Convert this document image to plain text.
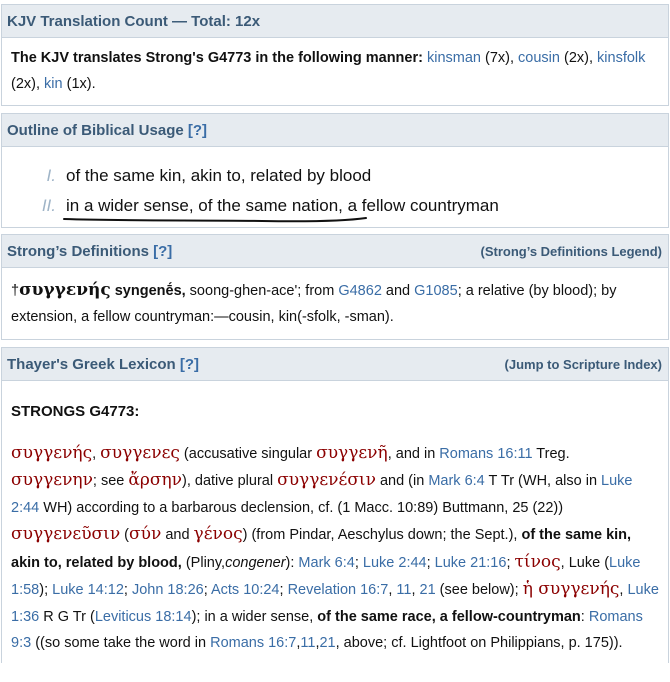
KJV Translation Count — Total: 12x
The KJV translates Strong's G4773 in the following manner: kinsman (7x), cousin (2x), kinsfolk (2x), kin (1x).
Outline of Biblical Usage [?]
I. of the same kin, akin to, related by blood
II. in a wider sense, of the same nation,
a fellow countryman
Strong’s Definitions [?]	(Strong’s Definitions Legend)
†συγγενής syngenḗs, soong-ghen-ace'; from G4862 and G1085; a relative (by blood); by extension, a fellow countryman:—cousin, kin(-sfolk, -sman).
Thayer's Greek Lexicon [?]	(Jump to Scripture Index)
STRONGS G4773:
συγγενής, συγγενες (accusative singular συγγενῆ, and in Romans 16:11 Treg. συγγενην; see ἄρσην), dative plural συγγενέσιν and (in Mark 6:4 T Tr (WH, also in Luke 2:44 WH) according to a barbarous declension, cf. (1 Macc. 10:89) Buttmann, 25 (22)) συγγενεῦσιν (σύν and γένος) (from Pindar, Aeschylus down; the Sept.), of the same kin, akin to, related by blood, (Pliny,congener): Mark 6:4; Luke 2:44; Luke 21:16; τίνος, Luke (Luke 1:58); Luke 14:12; John 18:26; Acts 10:24; Revelation 16:7, 11, 21 (see below); ἡ συγγενής, Luke 1:36 R G Tr (Leviticus 18:14); in a wider sense, of the same race, a fellow-countryman: Romans 9:3 ((so some take the word in Romans 16:7,11,21, above; cf. Lightfoot on Philippians, p. 175)).
